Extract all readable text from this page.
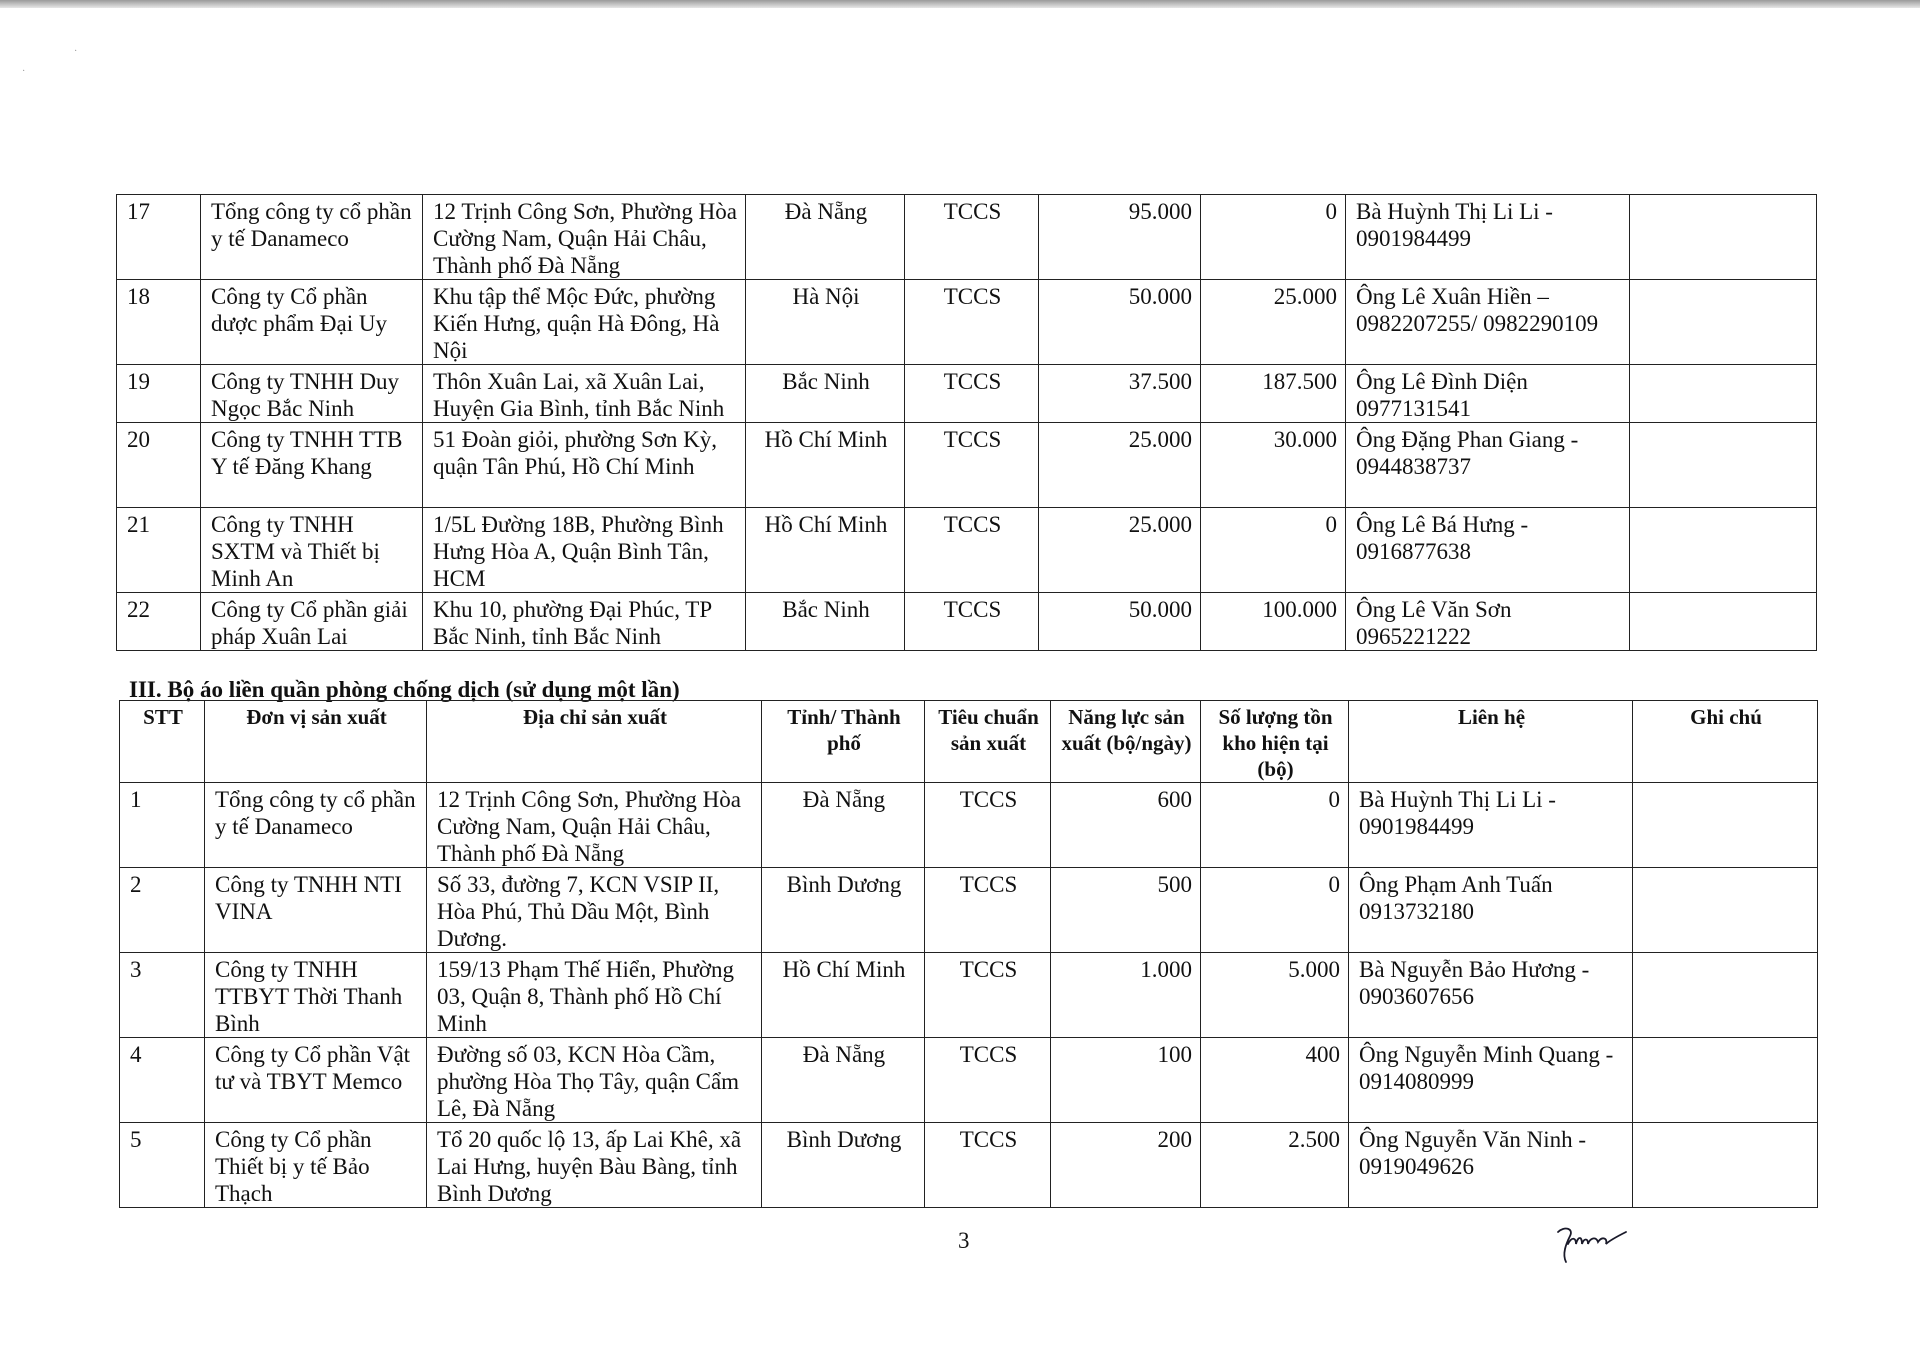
·
·
17	Tổng công ty cổ phần y tế Danameco	12 Trịnh Công Sơn, Phường Hòa Cường Nam, Quận Hải Châu, Thành phố Đà Nẵng	Đà Nẵng	TCCS	95.000	0	Bà Huỳnh Thị Li Li - 0901984499	
18	Công ty Cổ phần dược phẩm Đại Uy	Khu tập thể Mộc Đức, phường Kiến Hưng, quận Hà Đông, Hà Nội	Hà Nội	TCCS	50.000	25.000	Ông Lê Xuân Hiền – 0982207255/ 0982290109	
19	Công ty TNHH Duy Ngọc Bắc Ninh	Thôn Xuân Lai, xã Xuân Lai, Huyện Gia Bình, tỉnh Bắc Ninh	Bắc Ninh	TCCS	37.500	187.500	Ông Lê Đình Diện 0977131541	
20	Công ty TNHH TTB Y tế Đăng Khang	51 Đoàn giỏi, phường Sơn Kỳ, quận Tân Phú, Hồ Chí Minh	Hồ Chí Minh	TCCS	25.000	30.000	Ông Đặng Phan Giang - 0944838737	
21	Công ty TNHH SXTM và Thiết bị Minh An	1/5L Đường 18B, Phường Bình Hưng Hòa A, Quận Bình Tân, HCM	Hồ Chí Minh	TCCS	25.000	0	Ông Lê Bá Hưng - 0916877638	
22	Công ty Cổ phần giải pháp Xuân Lai	Khu 10, phường Đại Phúc, TP Bắc Ninh, tỉnh Bắc Ninh	Bắc Ninh	TCCS	50.000	100.000	Ông Lê Văn Sơn 0965221222	
III. Bộ áo liền quần phòng chống dịch (sử dụng một lần)
STT	Đơn vị sản xuất	Địa chỉ sản xuất	Tỉnh/ Thành phố	Tiêu chuẩn sản xuất	Năng lực sản xuất (bộ/ngày)	Số lượng tồn kho hiện tại (bộ)	Liên hệ	Ghi chú
1	Tổng công ty cổ phần y tế Danameco	12 Trịnh Công Sơn, Phường Hòa Cường Nam, Quận Hải Châu, Thành phố Đà Nẵng	Đà Nẵng	TCCS	600	0	Bà Huỳnh Thị Li Li - 0901984499	
2	Công ty TNHH NTI VINA	Số 33, đường 7, KCN VSIP II, Hòa Phú, Thủ Dầu Một, Bình Dương.	Bình Dương	TCCS	500	0	Ông Phạm Anh Tuấn 0913732180	
3	Công ty TNHH TTBYT Thời Thanh Bình	159/13 Phạm Thế Hiển, Phường 03, Quận 8, Thành phố Hồ Chí Minh	Hồ Chí Minh	TCCS	1.000	5.000	Bà Nguyễn Bảo Hương - 0903607656	
4	Công ty Cổ phần Vật tư và TBYT Memco	Đường số 03, KCN Hòa Cầm, phường Hòa Thọ Tây, quận Cẩm Lê, Đà Nẵng	Đà Nẵng	TCCS	100	400	Ông Nguyễn Minh Quang - 0914080999	
5	Công ty Cổ phần Thiết bị y tế Bảo Thạch	Tổ 20 quốc lộ 13, ấp Lai Khê, xã Lai Hưng, huyện Bàu Bàng, tỉnh Bình Dương	Bình Dương	TCCS	200	2.500	Ông Nguyễn Văn Ninh - 0919049626	
3
